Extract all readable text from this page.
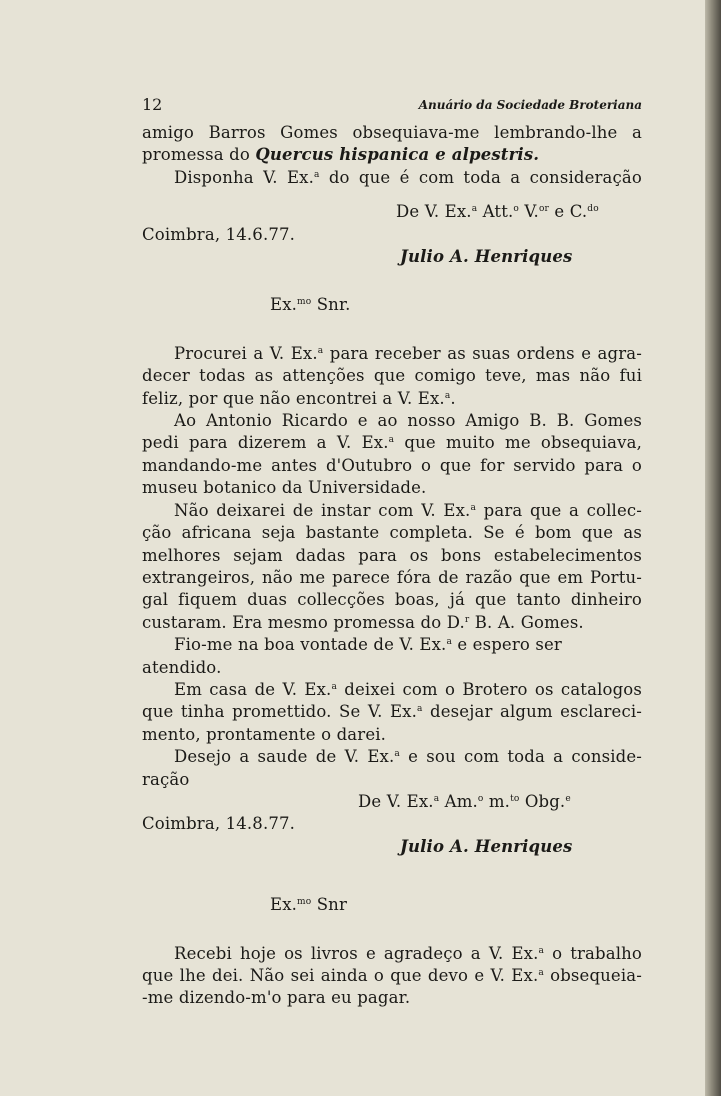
12	Anuário da Sociedade Broteriana

amigo Barros Gomes obsequiava-me lembrando-lhe a

promessa do Quercus hispanica e alpestris.

Disponha V. Ex.$^a$ do que é com toda a consideração

De V. Ex.$^a$ Att.$^o$ V.$^{or}$ e C.$^{do}$

Coimbra, 14.6.77.

Julio A. Henriques

Ex.$^{mo}$ Snr.

Procurei a V. Ex.$^a$ para receber as suas ordens e agra-

decer todas as attenções que comigo teve, mas não fui

feliz, por que não encontrei a V. Ex.$^a$.

Ao Antonio Ricardo e ao nosso Amigo B. B. Gomes

pedi para dizerem a V. Ex.$^a$ que muito me obsequiava,

mandando-me antes d'Outubro o que for servido para o

museu botanico da Universidade.

Não deixarei de instar com V. Ex.$^a$ para que a collec-

ção africana seja bastante completa. Se é bom que as

melhores sejam dadas para os bons estabelecimentos

extrangeiros, não me parece fóra de razão que em Portu-

gal fiquem duas collecções boas, já que tanto dinheiro

custaram. Era mesmo promessa do D.$^r$ B. A. Gomes.

Fio-me na boa vontade de V. Ex.$^a$ e espero ser atendido.

Em casa de V. Ex.$^a$ deixei com o Brotero os catalogos

que tinha promettido. Se V. Ex.$^a$ desejar algum esclareci-

mento, prontamente o darei.

Desejo a saude de V. Ex.$^a$ e sou com toda a conside-

ração

De V. Ex.$^a$ Am.$^o$ m.$^{to}$ Obg.$^e$

Coimbra, 14.8.77.

Julio A. Henriques

Ex.$^{mo}$ Snr

Recebi hoje os livros e agradeço a V. Ex.$^a$ o trabalho

que lhe dei. Não sei ainda o que devo e V. Ex.$^a$ obsequeia-

-me dizendo-m'o para eu pagar.
